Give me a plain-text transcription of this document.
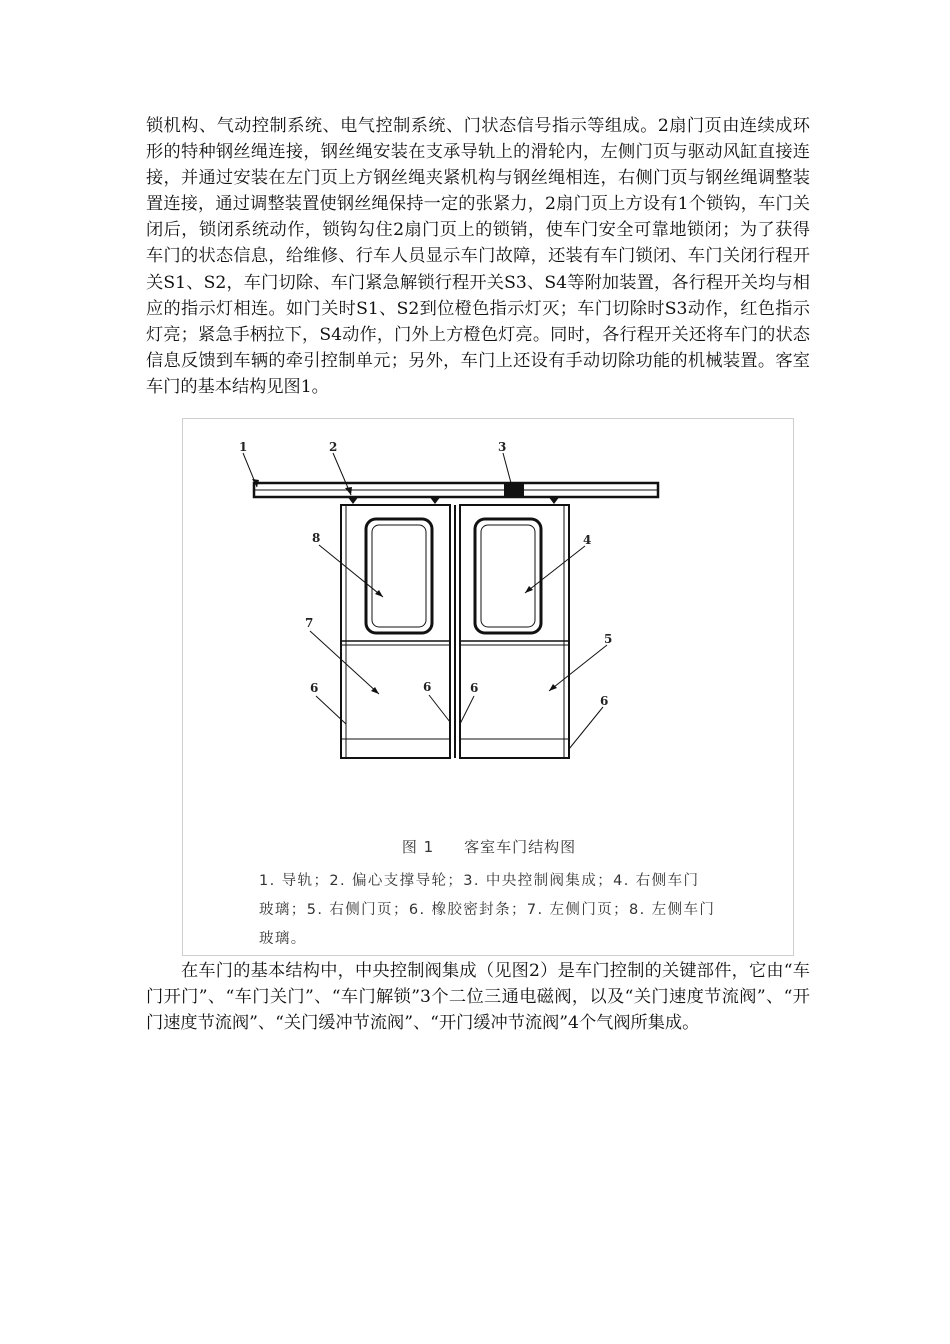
锁机构、气动控制系统、电气控制系统、门状态信号指示等组成。2扇门页由连续成环形的特种钢丝绳连接，钢丝绳安装在支承导轨上的滑轮内，左侧门页与驱动风缸直接连接，并通过安装在左门页上方钢丝绳夹紧机构与钢丝绳相连，右侧门页与钢丝绳调整装置连接，通过调整装置使钢丝绳保持一定的张紧力，2扇门页上方设有1个锁钩，车门关闭后，锁闭系统动作，锁钩勾住2扇门页上的锁销，使车门安全可靠地锁闭；为了获得车门的状态信息，给维修、行车人员显示车门故障，还装有车门锁闭、车门关闭行程开关S1、S2，车门切除、车门紧急解锁行程开关S3、S4等附加装置，各行程开关均与相应的指示灯相连。如门关时S1、S2到位橙色指示灯灭；车门切除时S3动作，红色指示灯亮；紧急手柄拉下，S4动作，门外上方橙色灯亮。同时，各行程开关还将车门的状态信息反馈到车辆的牵引控制单元；另外，车门上还设有手动切除功能的机械装置。客室车门的基本结构见图1。

1	2	3
4
5
6	6	6
6
7
8
图 1 客室车门结构图
1. 导轨；2. 偏心支撑导轮；3. 中央控制阀集成；4. 右侧车门
玻璃；5. 右侧门页；6. 橡胶密封条；7. 左侧门页；8. 左侧车门
玻璃。

在车门的基本结构中，中央控制阀集成（见图2）是车门控制的关键部件，它由“车门开门”、“车门关门”、“车门解锁”3个二位三通电磁阀，以及“关门速度节流阀”、“开门速度节流阀”、“关门缓冲节流阀”、“开门缓冲节流阀”4个气阀所集成。
